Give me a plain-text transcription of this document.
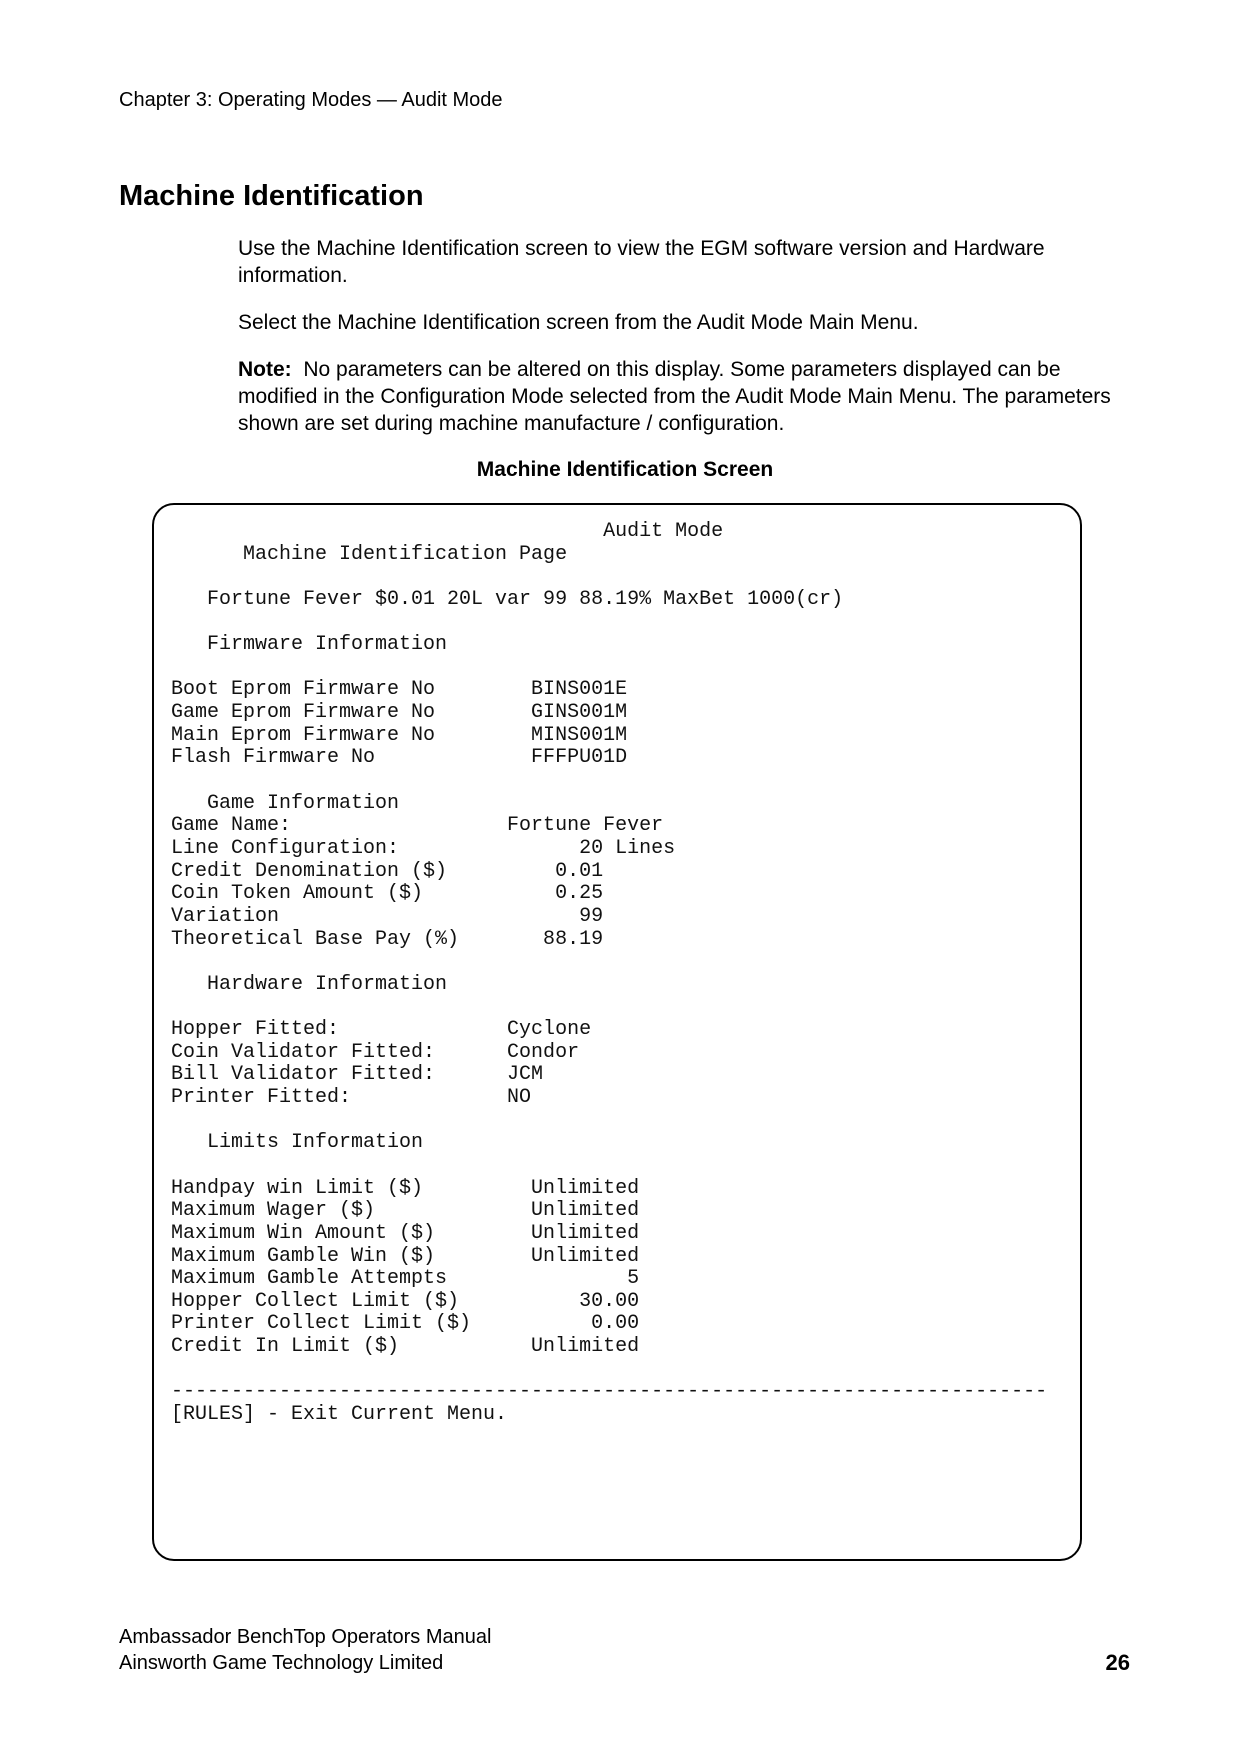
Chapter 3: Operating Modes — Audit Mode
Machine Identification
Use the Machine Identification screen to view the EGM software version and Hardware information.
Select the Machine Identification screen from the Audit Mode Main Menu.
Note: No parameters can be altered on this display. Some parameters displayed can be modified in the Configuration Mode selected from the Audit Mode Main Menu. The parameters shown are set during machine manufacture / configuration.
Machine Identification Screen
Audit Mode
Machine Identification Page
Fortune Fever $0.01 20L var 99 88.19% MaxBet 1000(cr)
Firmware Information
Boot Eprom Firmware No        BINS001E
Game Eprom Firmware No        GINS001M
Main Eprom Firmware No        MINS001M
Flash Firmware No             FFFPU01D
Game Information
Game Name:                  Fortune Fever
Line Configuration:               20 Lines
Credit Denomination ($)         0.01
Coin Token Amount ($)           0.25
Variation                         99
Theoretical Base Pay (%)       88.19
Hardware Information
Hopper Fitted:              Cyclone
Coin Validator Fitted:      Condor
Bill Validator Fitted:      JCM
Printer Fitted:             NO
Limits Information
Handpay win Limit ($)         Unlimited
Maximum Wager ($)             Unlimited
Maximum Win Amount ($)        Unlimited
Maximum Gamble Win ($)        Unlimited
Maximum Gamble Attempts               5
Hopper Collect Limit ($)          30.00
Printer Collect Limit ($)          0.00
Credit In Limit ($)           Unlimited
-------------------------------------------------------------------------
[RULES] - Exit Current Menu.
Ambassador BenchTop Operators Manual
Ainsworth Game Technology Limited	26
